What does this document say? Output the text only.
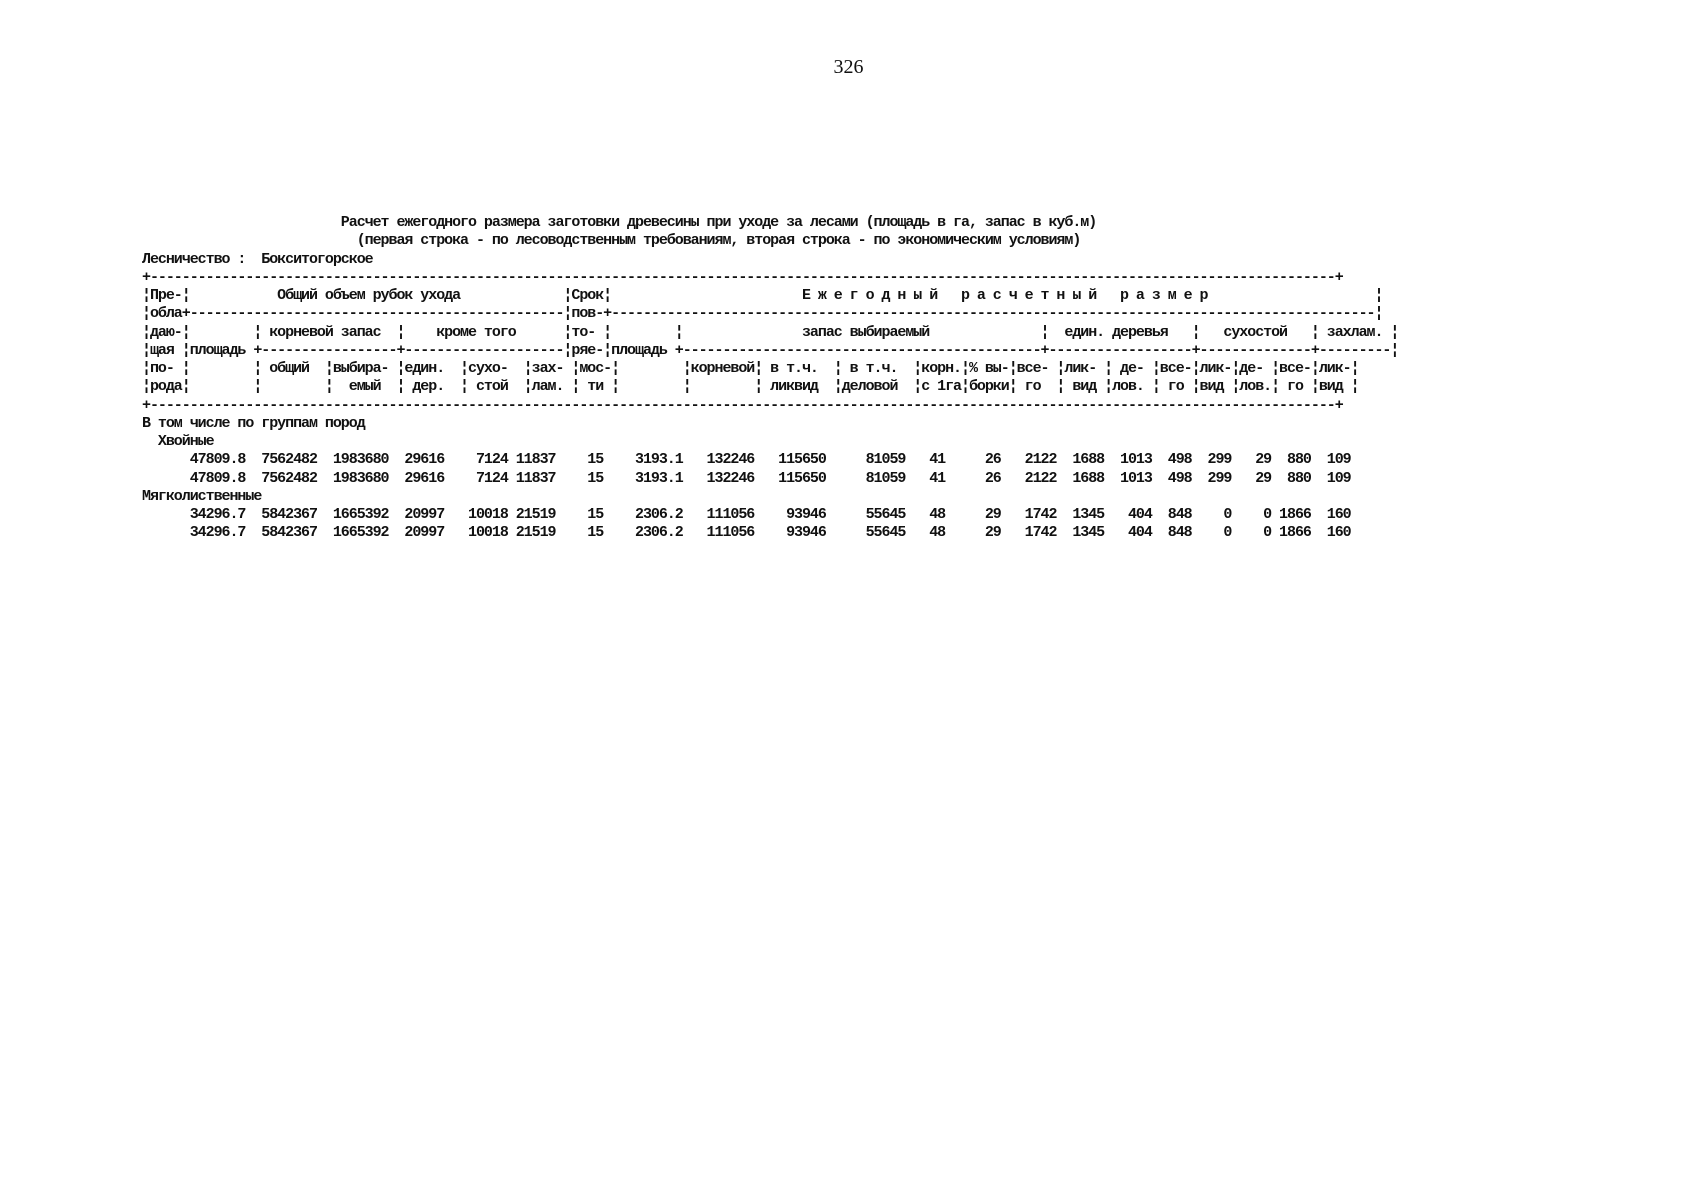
326
Расчет ежегодного размера заготовки древесины при уходе за лесами (площадь в га, запас в куб.м)
(первая строка - по лесоводственным требованиям, вторая строка - по экономическим условиям)
Лесничество :  Бокситогорское
+-----------------------------------------------------------------------------------------------------------------------------------------------------+
¦Пре-¦           Общий объем рубок ухода             ¦Срок¦                        Е ж е г о д н ы й   р а с ч е т н ы й   р а з м е р                     ¦
¦обла+-----------------------------------------------¦пов-+------------------------------------------------------------------------------------------------¦
¦даю-¦        ¦ корневой запас  ¦    кроме того      ¦то- ¦        ¦               запас выбираемый              ¦  един. деревья   ¦   сухостой   ¦ захлам. ¦
¦щая ¦площадь +-----------------+--------------------¦ряе-¦площадь +---------------------------------------------+------------------+--------------+---------¦
¦по- ¦        ¦ общий  ¦выбира- ¦един.  ¦сухо-  ¦зах- ¦мос-¦        ¦корневой¦ в т.ч.  ¦ в т.ч.  ¦корн.¦% вы-¦все- ¦лик- ¦ де- ¦все-¦лик-¦де- ¦все-¦лик-¦
¦рода¦        ¦        ¦  емый  ¦ дер.  ¦ стой  ¦лам. ¦ ти ¦        ¦        ¦ ликвид  ¦деловой  ¦с 1га¦борки¦ го  ¦ вид ¦лов. ¦ го ¦вид ¦лов.¦ го ¦вид ¦
+-----------------------------------------------------------------------------------------------------------------------------------------------------+
В том числе по группам пород
Хвойные
47809.8  7562482  1983680  29616    7124 11837    15    3193.1   132246   115650     81059   41     26   2122  1688  1013  498  299   29  880  109
47809.8  7562482  1983680  29616    7124 11837    15    3193.1   132246   115650     81059   41     26   2122  1688  1013  498  299   29  880  109
Мягколиственные
34296.7  5842367  1665392  20997   10018 21519    15    2306.2   111056    93946     55645   48     29   1742  1345   404  848    0    0 1866  160
34296.7  5842367  1665392  20997   10018 21519    15    2306.2   111056    93946     55645   48     29   1742  1345   404  848    0    0 1866  160
